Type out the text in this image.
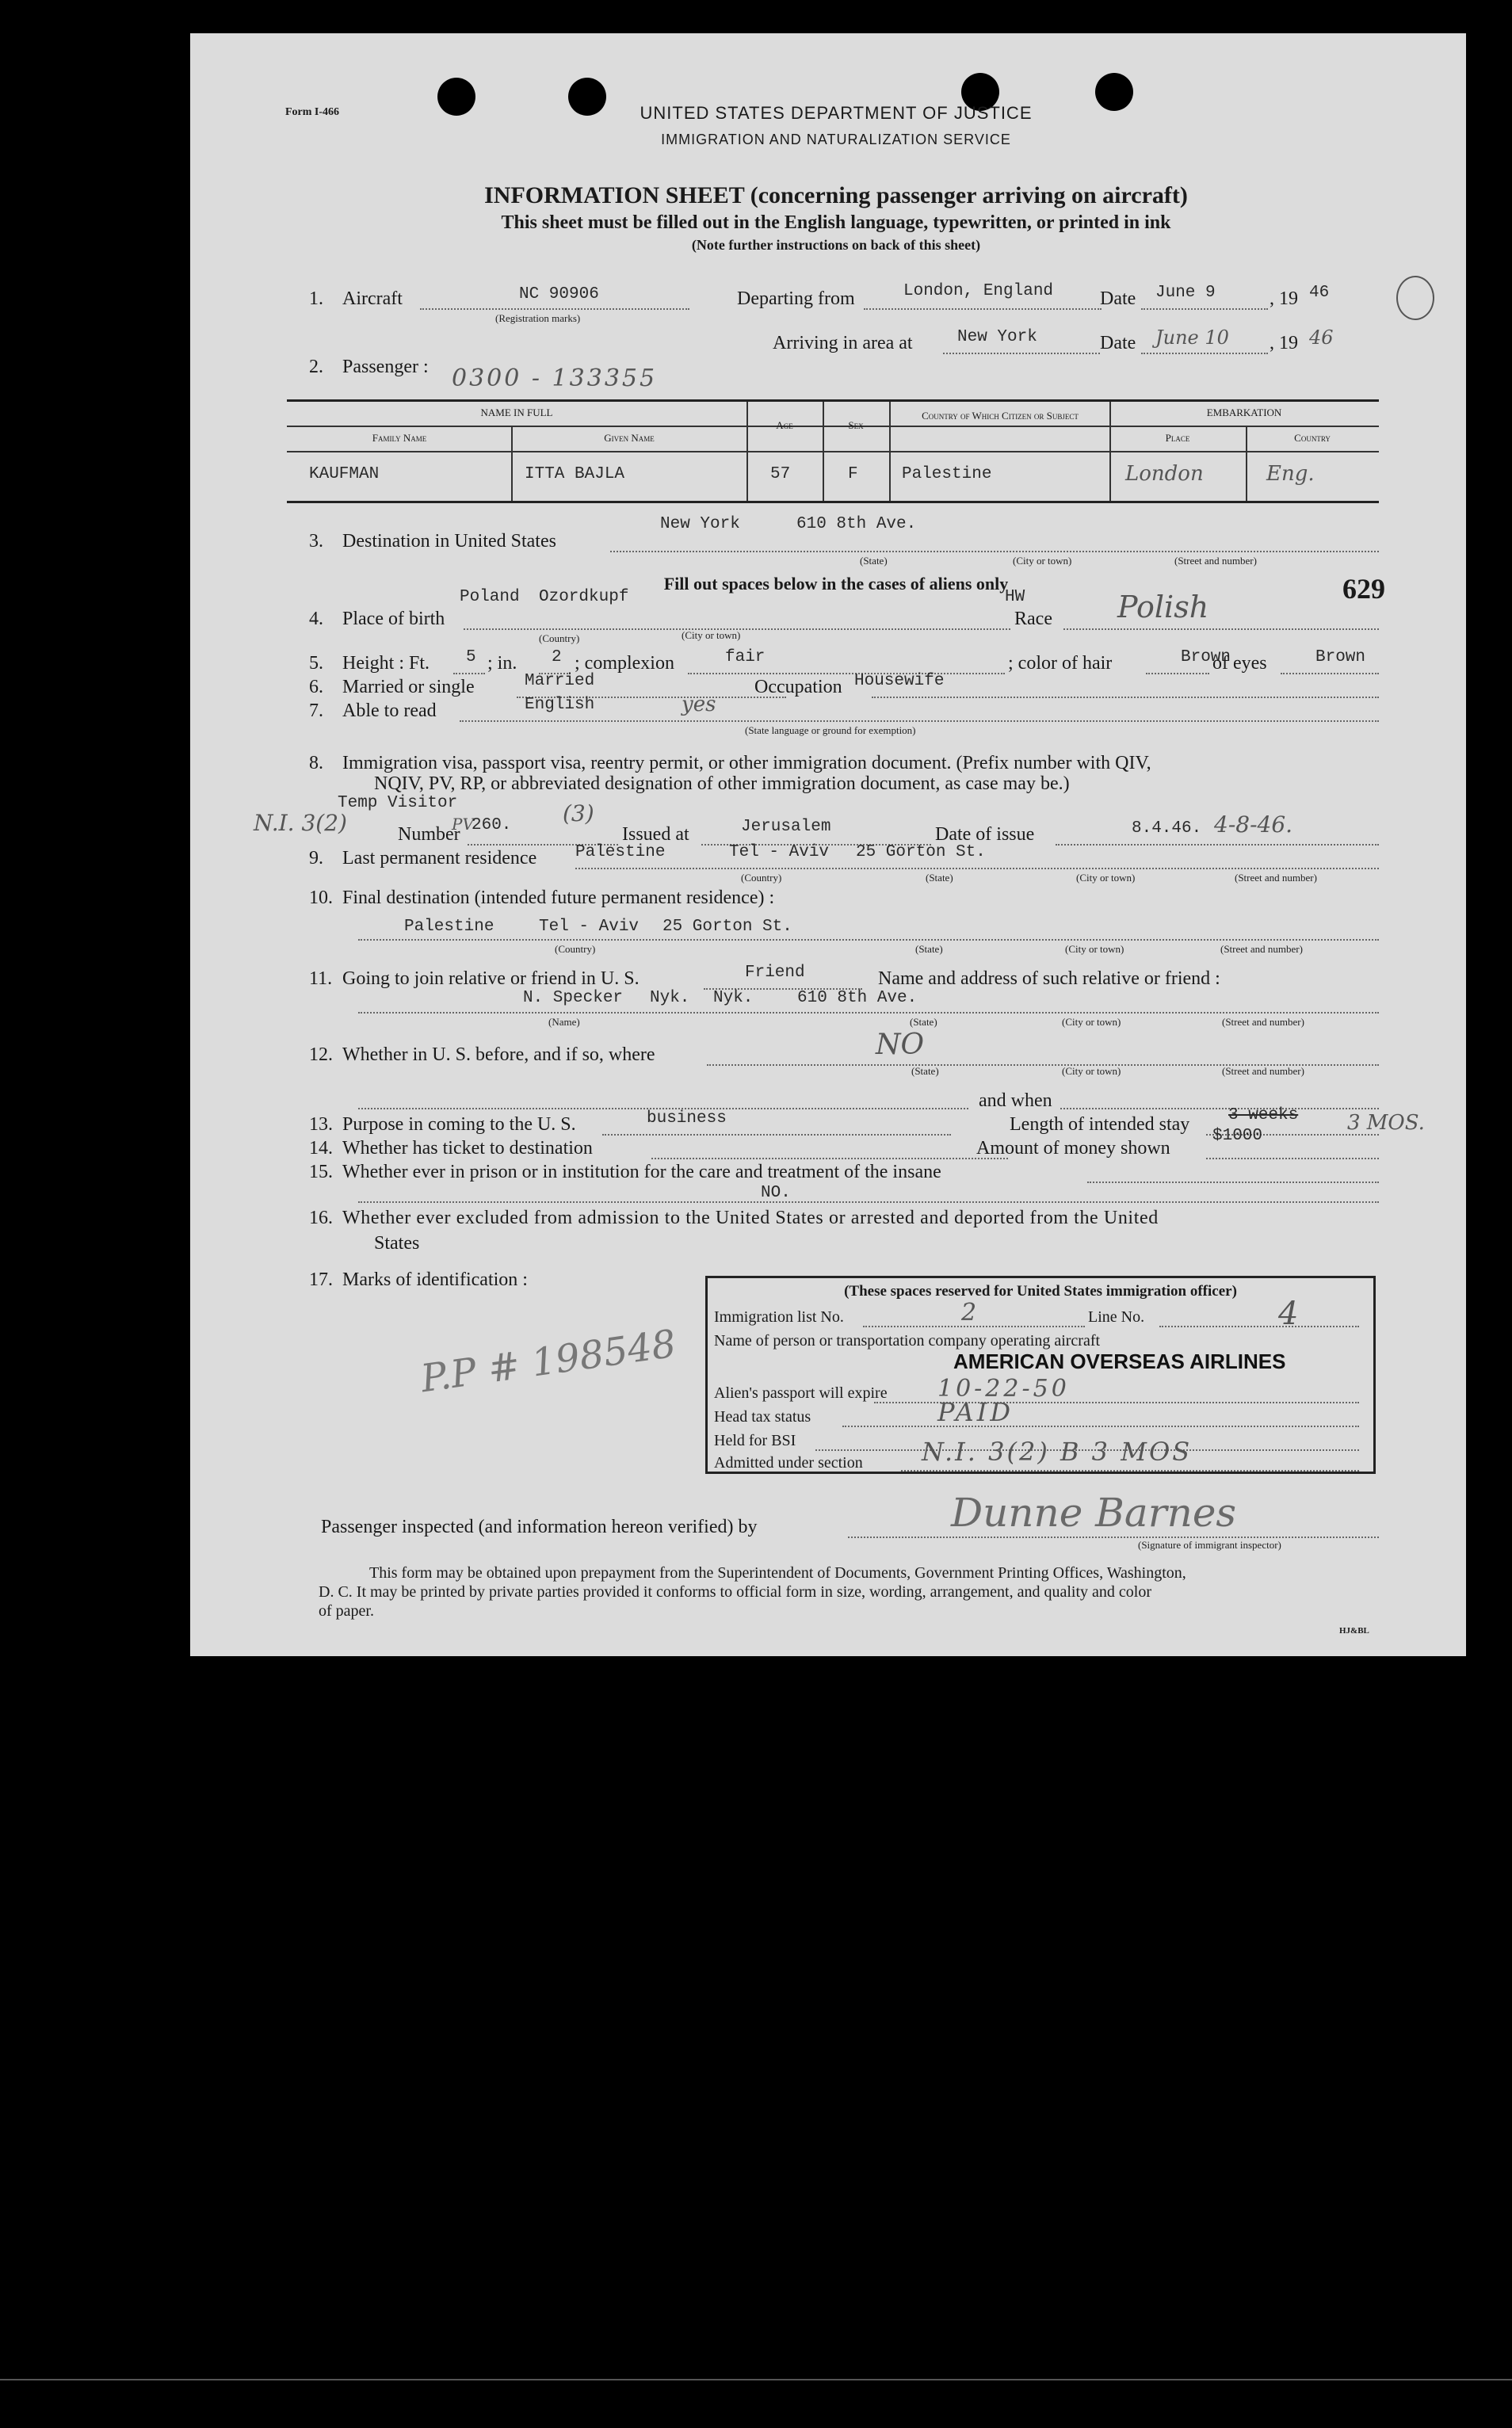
Form I-466	UNITED STATES DEPARTMENT OF JUSTICE
IMMIGRATION AND NATURALIZATION SERVICE
INFORMATION SHEET (concerning passenger arriving on aircraft)
This sheet must be filled out in the English language, typewritten, or printed in ink
(Note further instructions on back of this sheet)
1. Aircraft	NC 90906
(Registration marks)
Departing from	London, England Date June 9	, 19 46
Arriving in area at	New York	Date June 10 , 19 46
2. Passenger : 0300 - 133355
NAME IN FULL
Family Name	Given Name
Age	Sex
Country of Which Citizen or Subject	EMBARKATION
Place	Country
KAUFMAN	ITTA BAJLA	57	F	Palestine	London	Eng.
3. Destination in United States
New York	610 8th Ave.
(State)	(City or town)	(Street and number)
Fill out spaces below in the cases of aliens only	629
4. Place of birth
Poland Ozordkupf
(Country)	(City or town)
Race
HW	Polish
5. Height : Ft. 5 ; in. 2 ; complexion	fair	; color of hair	Brown
of eyes	Brown
6. Married or single	Married	Occupation Housewife
7. Able to read	English	yes
(State language or ground for exemption)
8. Immigration visa, passport visa, reentry permit, or other immigration document. (Prefix number with QIV,
NQIV, PV, RP, or abbreviated designation of other immigration document, as case may be.)
Temp Visitor
N.I. 3(2)	PV	(3)
Number 260.	Issued at	Jerusalem	Date of issue	8.4.46. 4-8-46.
9. Last permanent residence Palestine	Tel - Aviv 25 Gorton St.
(Country)	(State)	(City or town)	(Street and number)
10. Final destination (intended future permanent residence) :
Palestine	Tel - Aviv 25 Gorton St.
(Country)	(State)	(City or town)	(Street and number)
11. Going to join relative or friend in U. S.	Friend	Name and address of such relative or friend :
N. Specker Nyk. Nyk.	610 8th Ave.
(Name)	(State)	(City or town)	(Street and number)
12. Whether in U. S. before, and if so, where	NO
(State)	(City or town)	(Street and number)
and when
13. Purpose in coming to the U. S.	business	Length of intended stay 3 weeks 3 MOS.
14. Whether has ticket to destination	Amount of money shown
$1000
15. Whether ever in prison or in institution for the care and treatment of the insane
NO.
16. Whether ever excluded from admission to the United States or arrested and deported from the United
States
17. Marks of identification :
P.P # 198548
(These spaces reserved for United States immigration officer)
Immigration list No.	2	Line No.	4
Name of person or transportation company operating aircraft
AMERICAN OVERSEAS AIRLINES
Alien's passport will expire 10-22-50
Head tax status	PAID
Held for BSI
Admitted under section N.I. 3(2) B 3 MOS
Passenger inspected (and information hereon verified) by	Dunne Barnes
(Signature of immigrant inspector)
This form may be obtained upon prepayment from the Superintendent of Documents, Government Printing Offices, Washington,
D. C. It may be printed by private parties provided it conforms to official form in size, wording, arrangement, and quality and color
of paper.
HJ&BL
